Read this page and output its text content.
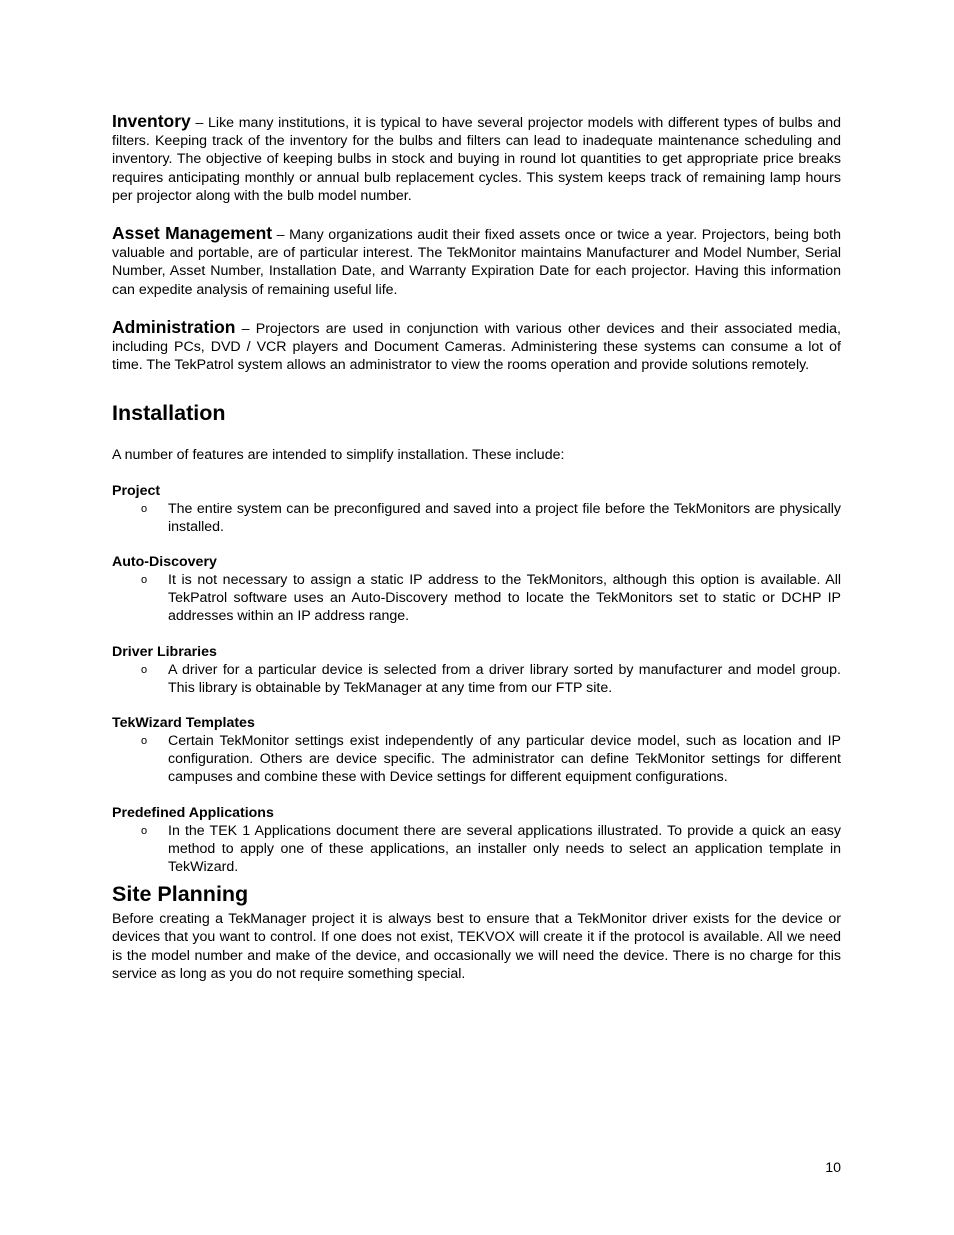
Inventory – Like many institutions, it is typical to have several projector models with different types of bulbs and filters. Keeping track of the inventory for the bulbs and filters can lead to inadequate maintenance scheduling and inventory. The objective of keeping bulbs in stock and buying in round lot quantities to get appropriate price breaks requires anticipating monthly or annual bulb replacement cycles. This system keeps track of remaining lamp hours per projector along with the bulb model number.

Asset Management – Many organizations audit their fixed assets once or twice a year. Projectors, being both valuable and portable, are of particular interest. The TekMonitor maintains Manufacturer and Model Number, Serial Number, Asset Number, Installation Date, and Warranty Expiration Date for each projector. Having this information can expedite analysis of remaining useful life.

Administration – Projectors are used in conjunction with various other devices and their associated media, including PCs, DVD / VCR players and Document Cameras. Administering these systems can consume a lot of time. The TekPatrol system allows an administrator to view the rooms operation and provide solutions remotely.

Installation

A number of features are intended to simplify installation. These include:

Project
o	The entire system can be preconfigured and saved into a project file before the TekMonitors are physically installed.

Auto-Discovery
o	It is not necessary to assign a static IP address to the TekMonitors, although this option is available. All TekPatrol software uses an Auto-Discovery method to locate the TekMonitors set to static or DCHP IP addresses within an IP address range.

Driver Libraries
o	A driver for a particular device is selected from a driver library sorted by manufacturer and model group. This library is obtainable by TekManager at any time from our FTP site.

TekWizard Templates
o	Certain TekMonitor settings exist independently of any particular device model, such as location and IP configuration. Others are device specific. The administrator can define TekMonitor settings for different campuses and combine these with Device settings for different equipment configurations.

Predefined Applications
o	In the TEK 1 Applications document there are several applications illustrated. To provide a quick an easy method to apply one of these applications, an installer only needs to select an application template in TekWizard.

Site Planning

Before creating a TekManager project it is always best to ensure that a TekMonitor driver exists for the device or devices that you want to control. If one does not exist, TEKVOX will create it if the protocol is available. All we need is the model number and make of the device, and occasionally we will need the device. There is no charge for this service as long as you do not require something special.

10
